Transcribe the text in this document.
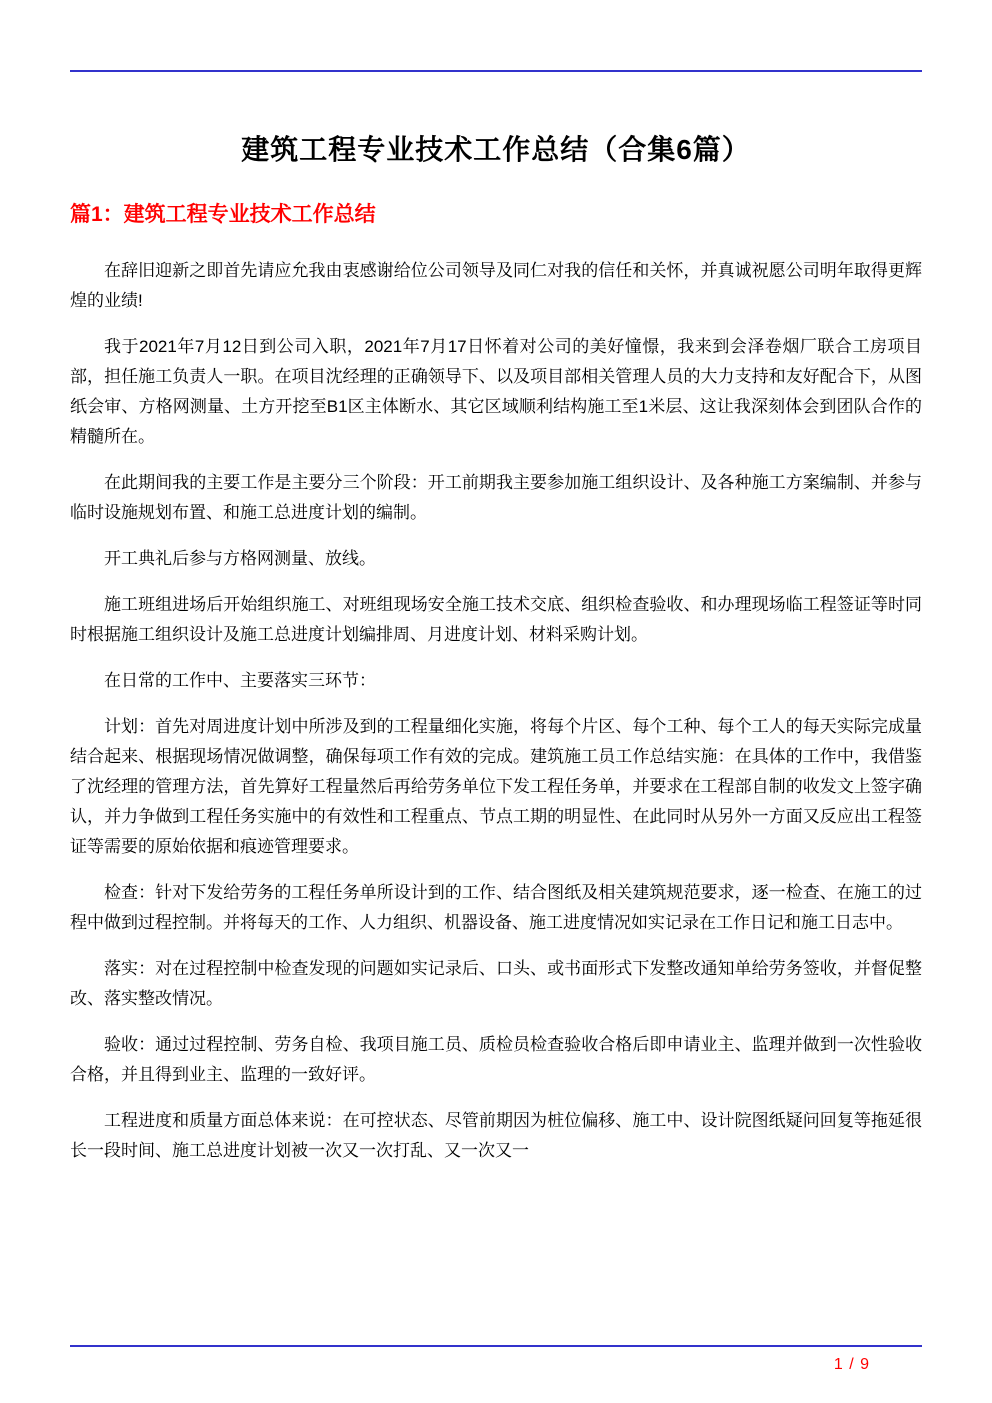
建筑工程专业技术工作总结（合集6篇）
篇1：建筑工程专业技术工作总结

在辞旧迎新之即首先请应允我由衷感谢给位公司领导及同仁对我的信任和关怀，并真诚祝愿公司明年取得更辉煌的业绩!

我于2021年7月12日到公司入职，2021年7月17日怀着对公司的美好憧憬，我来到会泽卷烟厂联合工房项目部，担任施工负责人一职。在项目沈经理的正确领导下、以及项目部相关管理人员的大力支持和友好配合下，从图纸会审、方格网测量、土方开挖至B1区主体断水、其它区域顺利结构施工至1米层、这让我深刻体会到团队合作的精髓所在。

在此期间我的主要工作是主要分三个阶段：开工前期我主要参加施工组织设计、及各种施工方案编制、并参与临时设施规划布置、和施工总进度计划的编制。

开工典礼后参与方格网测量、放线。

施工班组进场后开始组织施工、对班组现场安全施工技术交底、组织检查验收、和办理现场临工程签证等时同时根据施工组织设计及施工总进度计划编排周、月进度计划、材料采购计划。

在日常的工作中、主要落实三环节：

计划：首先对周进度计划中所涉及到的工程量细化实施，将每个片区、每个工种、每个工人的每天实际完成量结合起来、根据现场情况做调整，确保每项工作有效的完成。建筑施工员工作总结实施：在具体的工作中，我借鉴了沈经理的管理方法，首先算好工程量然后再给劳务单位下发工程任务单，并要求在工程部自制的收发文上签字确认，并力争做到工程任务实施中的有效性和工程重点、节点工期的明显性、在此同时从另外一方面又反应出工程签证等需要的原始依据和痕迹管理要求。

检查：针对下发给劳务的工程任务单所设计到的工作、结合图纸及相关建筑规范要求，逐一检查、在施工的过程中做到过程控制。并将每天的工作、人力组织、机器设备、施工进度情况如实记录在工作日记和施工日志中。

落实：对在过程控制中检查发现的问题如实记录后、口头、或书面形式下发整改通知单给劳务签收，并督促整改、落实整改情况。

验收：通过过程控制、劳务自检、我项目施工员、质检员检查验收合格后即申请业主、监理并做到一次性验收合格，并且得到业主、监理的一致好评。

工程进度和质量方面总体来说：在可控状态、尽管前期因为桩位偏移、施工中、设计院图纸疑问回复等拖延很长一段时间、施工总进度计划被一次又一次打乱、又一次又一

1 / 9
